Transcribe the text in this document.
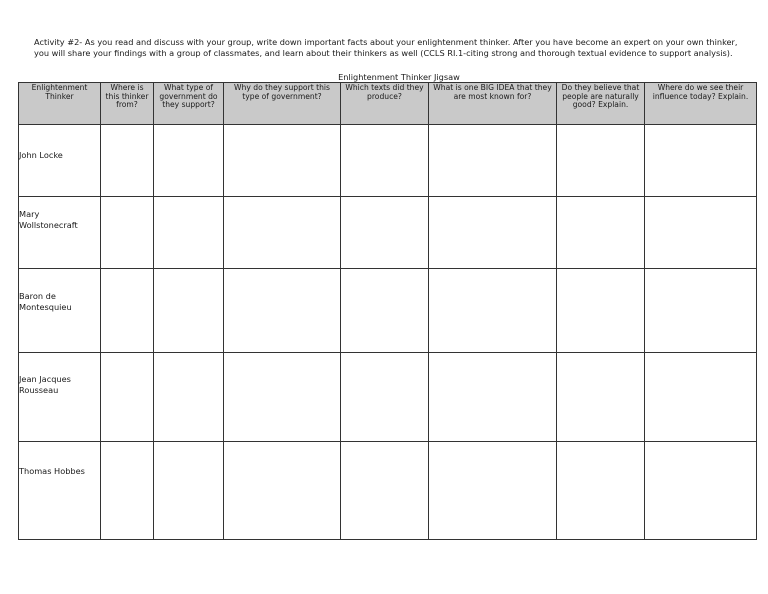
Activity #2- As you read and discuss with your group, write down important facts about your enlightenment thinker. After you have become an expert on your own thinker, you will share your findings with a group of classmates, and learn about their thinkers as well (CCLS RI.1-citing strong and thorough textual evidence to support analysis).

Enlightenment Thinker Jigsaw
Enlightenment Thinker	Where is this thinker from?	What type of government do they support?	Why do they support this type of government?	Which texts did they produce?	What is one BIG IDEA that they are most known for?	Do they believe that people are naturally good? Explain.	Where do we see their influence today? Explain.

John Locke							

Mary Wollstonecraft							

Baron de Montesquieu							

Jean Jacques Rousseau							

Thomas Hobbes							
